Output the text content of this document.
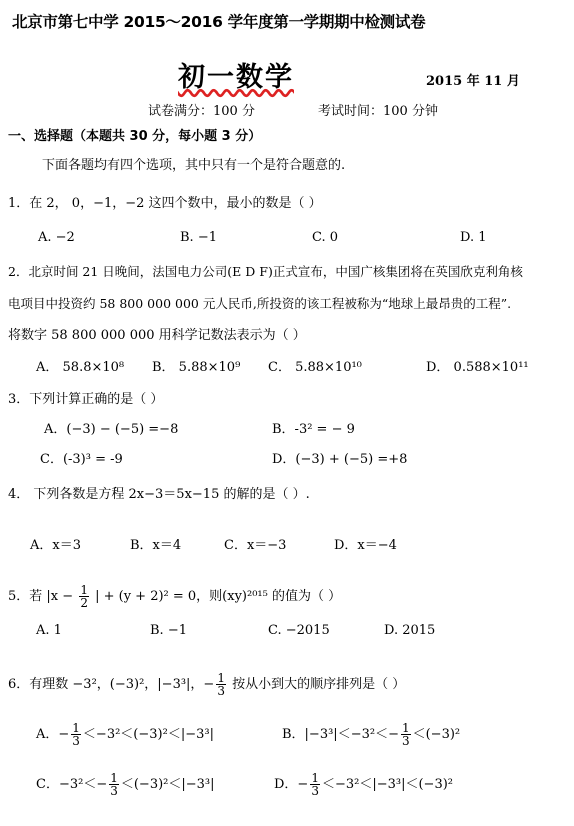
北京市第七中学 2015～2016 学年度第一学期期中检测试卷
初一数学	2015 年 11 月
试卷满分：100 分	考试时间：100 分钟
一、选择题（本题共 30 分，每小题 3 分）
下面各题均有四个选项，其中只有一个是符合题意的.
1．在 2， 0，−1，−2 这四个数中，最小的数是（ ）
A. −2	B. −1	C. 0	D. 1
2．北京时间 21 日晚间，法国电力公司(E D F)正式宣布，中国广核集团将在英国欣克利角核
电项目中投资约 58 800 000 000 元人民币,所投资的该工程被称为“地球上最昂贵的工程”.
将数字 58 800 000 000 用科学记数法表示为（ ）
A． 58.8×10⁸ B． 5.88×10⁹ C． 5.88×10¹⁰	D． 0.588×10¹¹
3．下列计算正确的是（ ）
A．(−3) − (−5) =−8	B．-3² = − 9
C．(-3)³ = -9	D．(−3) + (−5) =+8
4． 下列各数是方程 2x−3＝5x−15 的解的是（ ）.
A．x＝3	B．x＝4	C．x＝−3	D．x＝−4
5．若 $|x - \frac{1}{2}$ | + (y + 2)² = 0，则(xy)²⁰¹⁵ 的值为（ ）
A. 1	B. −1	C. −2015	D. 2015
6．有理数 −3²，(−3)²，|−3³|，− $\frac{1}{3}$ 按从小到大的顺序排列是（ ）
A．− $\frac{1}{3} <-3^2<(-3)^2<|-3^3|$	B．$|-3^3|<-3^2<- \frac{1}{3} <(-3)^2$
C．$-3^2<- \frac{1}{3} <(-3)^2<|-3^3|$	D．− $\frac{1}{3} <-3^2<|-3^3|<(-3)^2$
